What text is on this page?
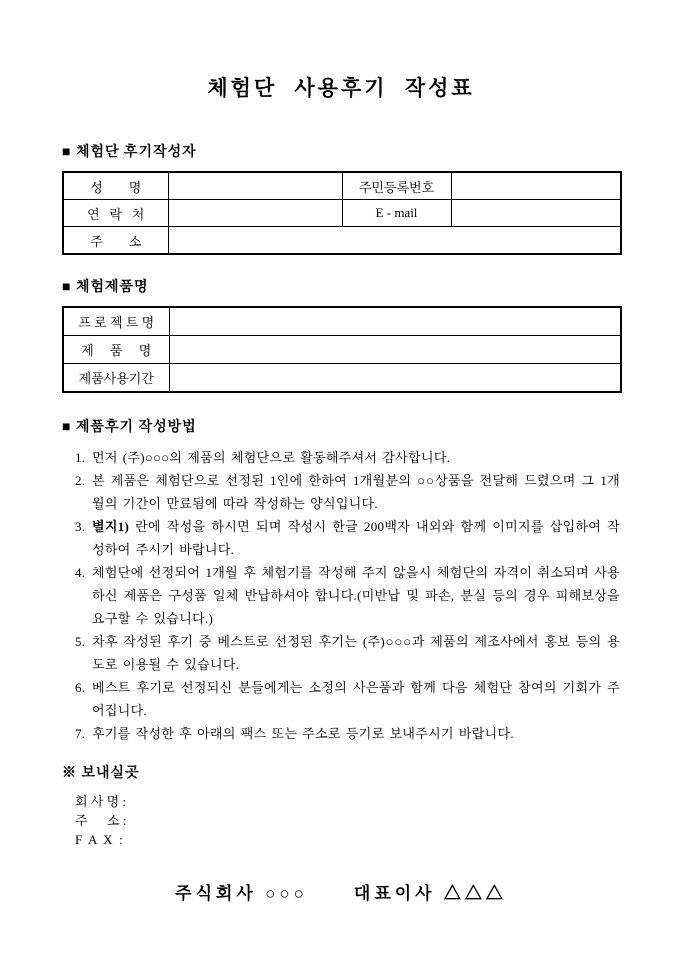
체험단 사용후기 작성표
■ 체험단 후기작성자
성        명		주민등록번호	
연   락   처		E - mail	
주        소			
■ 체험제품명
프 로 젝 트 명	
제     품     명	
제품사용기간	
■ 제품후기 작성방법
1. 먼저 (주)○○○의 제품의 체험단으로 활동해주셔서 감사합니다.
2. 본 제품은 체험단으로 선정된 1인에 한하여 1개월분의 ○○상품을 전달해 드렸으며 그 1개월의 기간이 만료됨에 따라 작성하는 양식입니다.
3. 별지1) 란에 작성을 하시면 되며 작성시 한글 200백자 내외와 함께 이미지를 삽입하여 작성하여 주시기 바랍니다.
4. 체험단에 선정되어 1개월 후 체험기를 작성해 주지 않을시 체험단의 자격이 취소되며 사용하신 제품은 구성품 일체 반납하셔야 합니다.(미반납 및 파손, 분실 등의 경우 피해보상을 요구할 수 있습니다.)
5. 차후 작성된 후기 중 베스트로 선정된 후기는 (주)○○○과 제품의 제조사에서 홍보 등의 용도로 이용될 수 있습니다.
6. 베스트 후기로 선정되신 분들에게는 소정의 사은품과 함께 다음 체험단 참여의 기회가 주어집니다.
7. 후기를 작성한 후 아래의 팩스 또는 주소로 등기로 보내주시기 바랍니다.
※ 보내실곳
회 사 명 :
주      소 :
F  A  X  :
주식회사 ○○○	대표이사 △△△
